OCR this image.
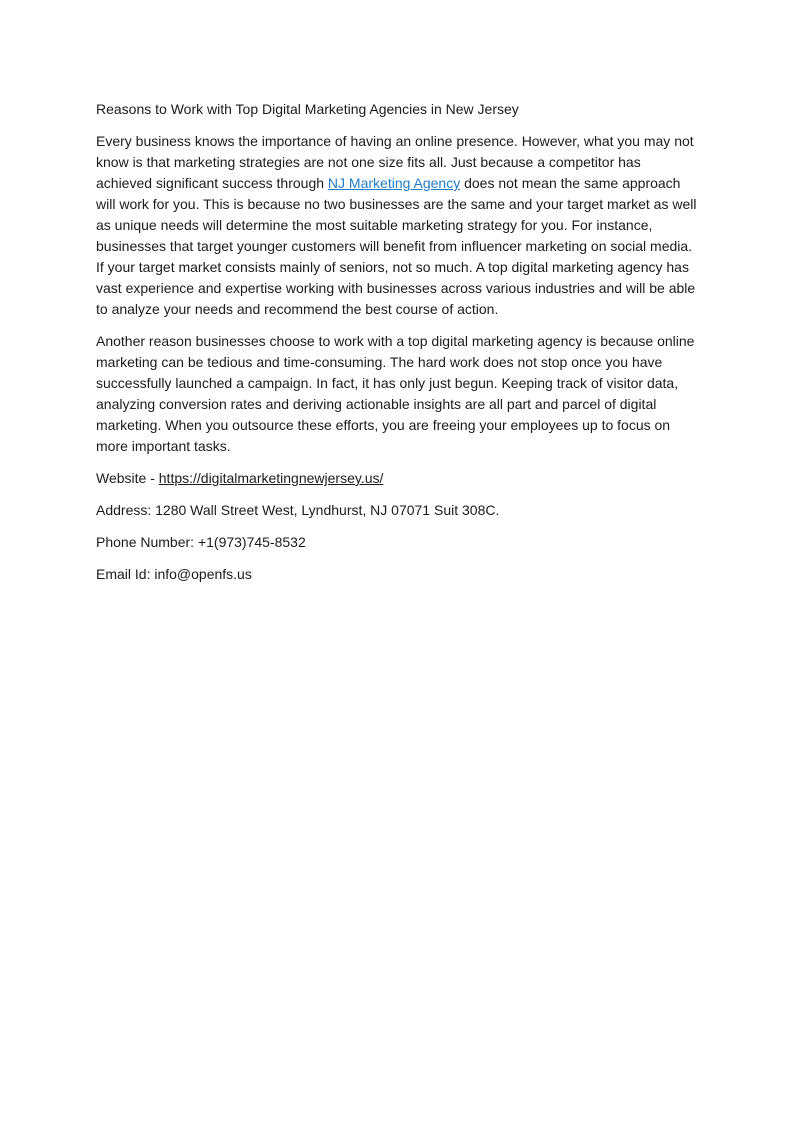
Reasons to Work with Top Digital Marketing Agencies in New Jersey

Every business knows the importance of having an online presence. However, what you may not know is that marketing strategies are not one size fits all. Just because a competitor has achieved significant success through NJ Marketing Agency does not mean the same approach will work for you. This is because no two businesses are the same and your target market as well as unique needs will determine the most suitable marketing strategy for you. For instance, businesses that target younger customers will benefit from influencer marketing on social media. If your target market consists mainly of seniors, not so much. A top digital marketing agency has vast experience and expertise working with businesses across various industries and will be able to analyze your needs and recommend the best course of action.

Another reason businesses choose to work with a top digital marketing agency is because online marketing can be tedious and time-consuming. The hard work does not stop once you have successfully launched a campaign. In fact, it has only just begun. Keeping track of visitor data, analyzing conversion rates and deriving actionable insights are all part and parcel of digital marketing. When you outsource these efforts, you are freeing your employees up to focus on more important tasks.

Website - https://digitalmarketingnewjersey.us/

Address: 1280 Wall Street West, Lyndhurst, NJ 07071 Suit 308C.

Phone Number: +1(973)745-8532

Email Id: info@openfs.us
